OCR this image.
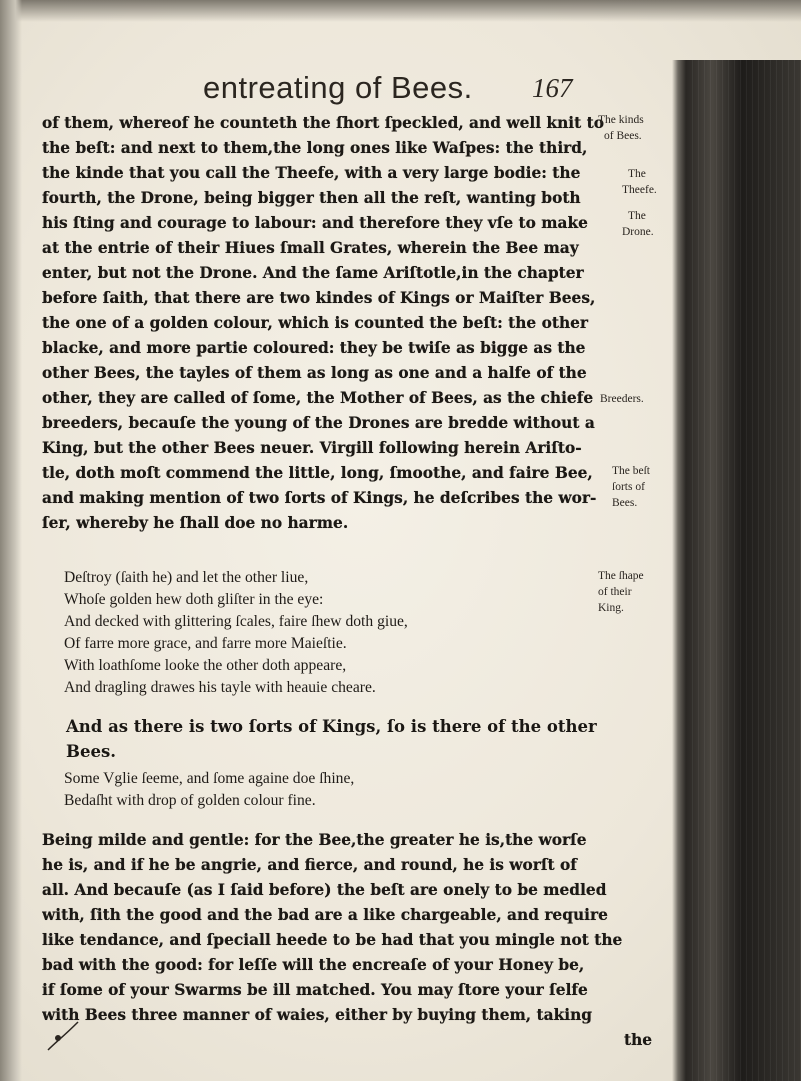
entreating of Bees.	167
of them, whereof he counteth the ſhort ſpeckled, and well knit to
the beſt: and next to them,the long ones like Waſpes: the third,
the kinde that you call the Theefe, with a very large bodie: the
fourth, the Drone, being bigger then all the reſt, wanting both
his ſting and courage to labour: and therefore they vſe to make
at the entrie of their Hiues ſmall Grates, wherein the Bee may
enter, but not the Drone. And the ſame Ariſtotle,in the chapter
before ſaith, that there are two kindes of Kings or Maiſter Bees,
the one of a golden colour, which is counted the beſt: the other
blacke, and more partie coloured: they be twiſe as bigge as the
other Bees, the tayles of them as long as one and a halfe of the
other, they are called of ſome, the Mother of Bees, as the chiefe
breeders, becauſe the young of the Drones are bredde without a
King, but the other Bees neuer. Virgill following herein Ariſto-
tle, doth moſt commend the little, long, ſmoothe, and faire Bee,
and making mention of two ſorts of Kings, he deſcribes the wor-
ſer, whereby he ſhall doe no harme.
Deſtroy (ſaith he) and let the other liue,
Whoſe golden hew doth gliſter in the eye:
And decked with glittering ſcales, faire ſhew doth giue,
Of farre more grace, and farre more Maieſtie.
With loathſome looke the other doth appeare,
And dragling drawes his tayle with heauie cheare.
And as there is two ſorts of Kings, ſo is there of the other
Bees.
Some Vglie ſeeme, and ſome againe doe ſhine,
Bedaſht with drop of golden colour fine.
Being milde and gentle: for the Bee,the greater he is,the worſe
he is, and if he be angrie, and fierce, and round, he is worſt of
all. And becauſe (as I ſaid before) the beſt are onely to be medled
with, ſith the good and the bad are a like chargeable, and require
like tendance, and ſpeciall heede to be had that you mingle not the
bad with the good: for leſſe will the encreaſe of your Honey be,
if ſome of your Swarms be ill matched. You may ſtore your ſelfe
with Bees three manner of waies, either by buying them, taking
the
The kinds
of Bees.
The
Theefe.
The
Drone.
Breeders.
The beſt
ſorts of
Bees.
The ſhape
of their
King.
